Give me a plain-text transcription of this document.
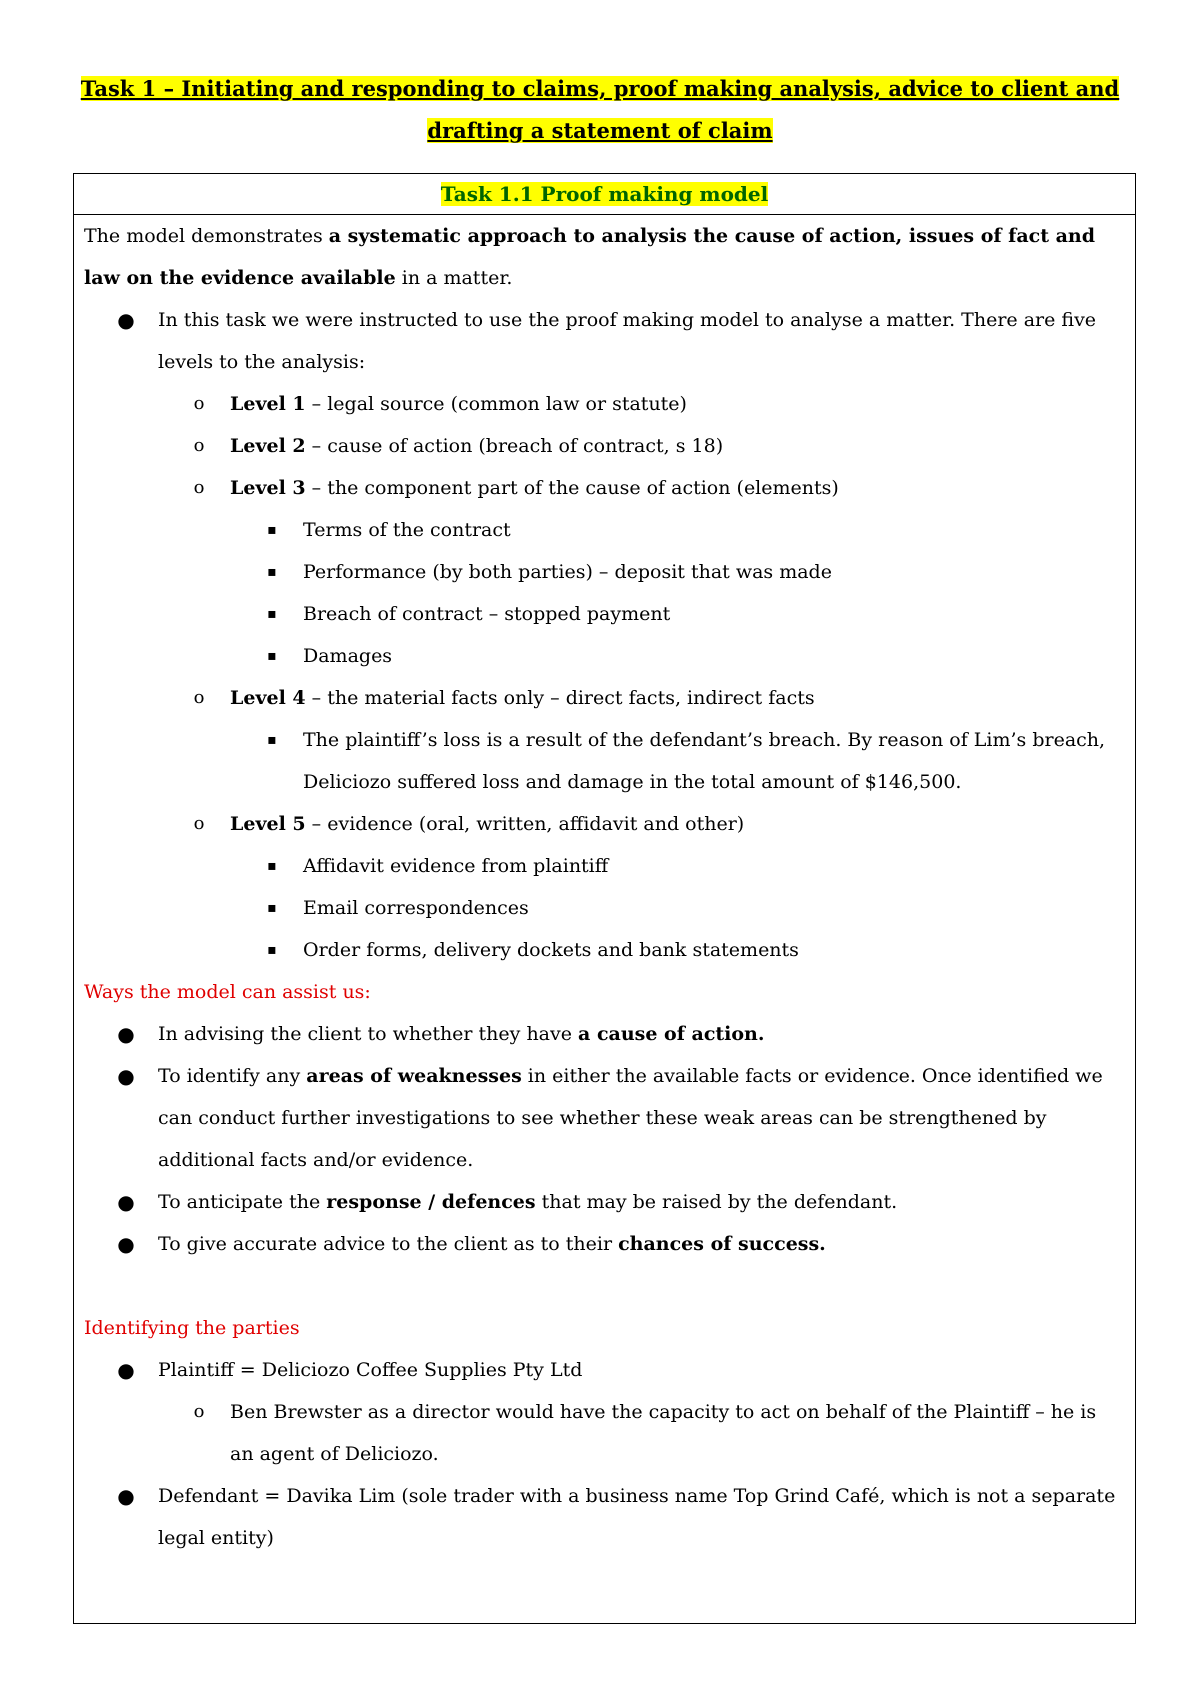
Task 1 – Initiating and responding to claims, proof making analysis, advice to client and drafting a statement of claim
Task 1.1 Proof making model

The model demonstrates a systematic approach to analysis the cause of action, issues of fact and law on the evidence available in a matter.

● In this task we were instructed to use the proof making model to analyse a matter. There are five levels to the analysis:
o Level 1 – legal source (common law or statute)
o Level 2 – cause of action (breach of contract, s 18)
o Level 3 – the component part of the cause of action (elements)
▪ Terms of the contract
▪ Performance (by both parties) – deposit that was made
▪ Breach of contract – stopped payment
▪ Damages
o Level 4 – the material facts only – direct facts, indirect facts
▪ The plaintiff’s loss is a result of the defendant’s breach. By reason of Lim’s breach, Deliciozo suffered loss and damage in the total amount of $146,500.
o Level 5 – evidence (oral, written, affidavit and other)
▪ Affidavit evidence from plaintiff
▪ Email correspondences
▪ Order forms, delivery dockets and bank statements

Ways the model can assist us:

● In advising the client to whether they have a cause of action.
● To identify any areas of weaknesses in either the available facts or evidence. Once identified we can conduct further investigations to see whether these weak areas can be strengthened by additional facts and/or evidence.
● To anticipate the response / defences that may be raised by the defendant.
● To give accurate advice to the client as to their chances of success.

Identifying the parties

● Plaintiff = Deliciozo Coffee Supplies Pty Ltd
o Ben Brewster as a director would have the capacity to act on behalf of the Plaintiff – he is an agent of Deliciozo.
● Defendant = Davika Lim (sole trader with a business name Top Grind Café, which is not a separate legal entity)
